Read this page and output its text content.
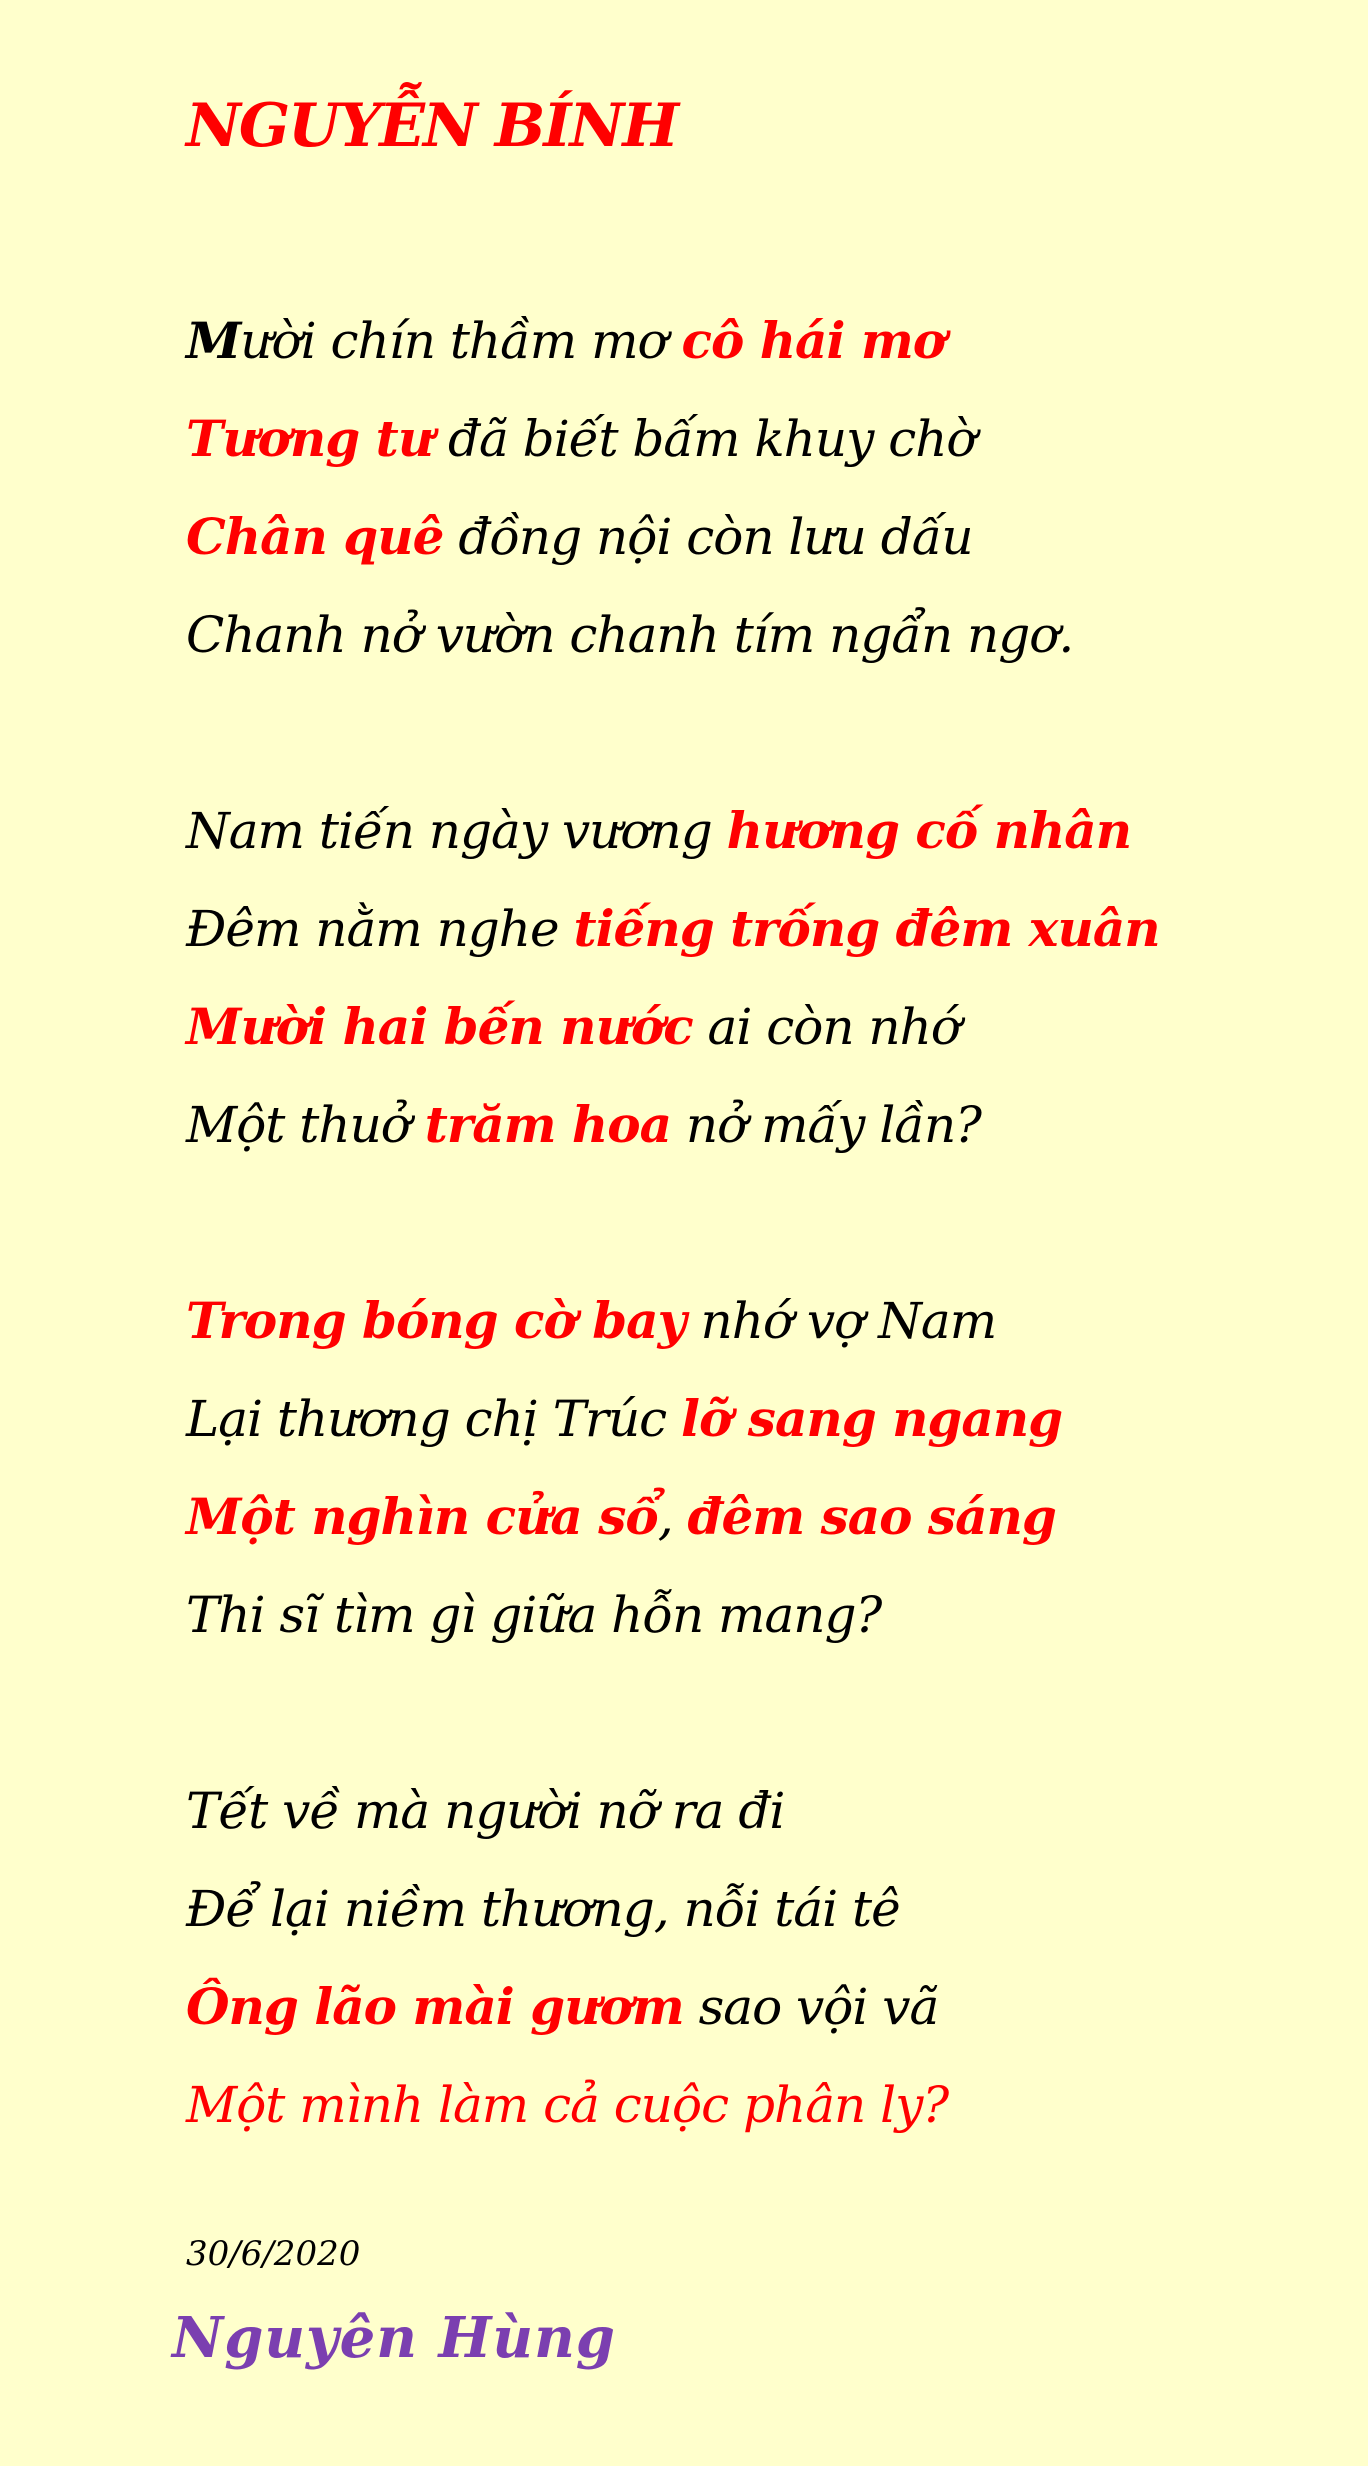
NGUYỄN BÍNH
Mười chín thầm mơ cô hái mơ
Tương tư đã biết bấm khuy chờ
Chân quê đồng nội còn lưu dấu
Chanh nở vườn chanh tím ngẩn ngơ.
Nam tiến ngày vương hương cố nhân
Đêm nằm nghe tiếng trống đêm xuân
Mười hai bến nước ai còn nhớ
Một thuở trăm hoa nở mấy lần?
Trong bóng cờ bay nhớ vợ Nam
Lại thương chị Trúc lỡ sang ngang
Một nghìn cửa sổ, đêm sao sáng
Thi sĩ tìm gì giữa hỗn mang?
Tết về mà người nỡ ra đi
Để lại niềm thương, nỗi tái tê
Ông lão mài gươm sao vội vã
Một mình làm cả cuộc phân ly?
30/6/2020
Nguyên Hùng
